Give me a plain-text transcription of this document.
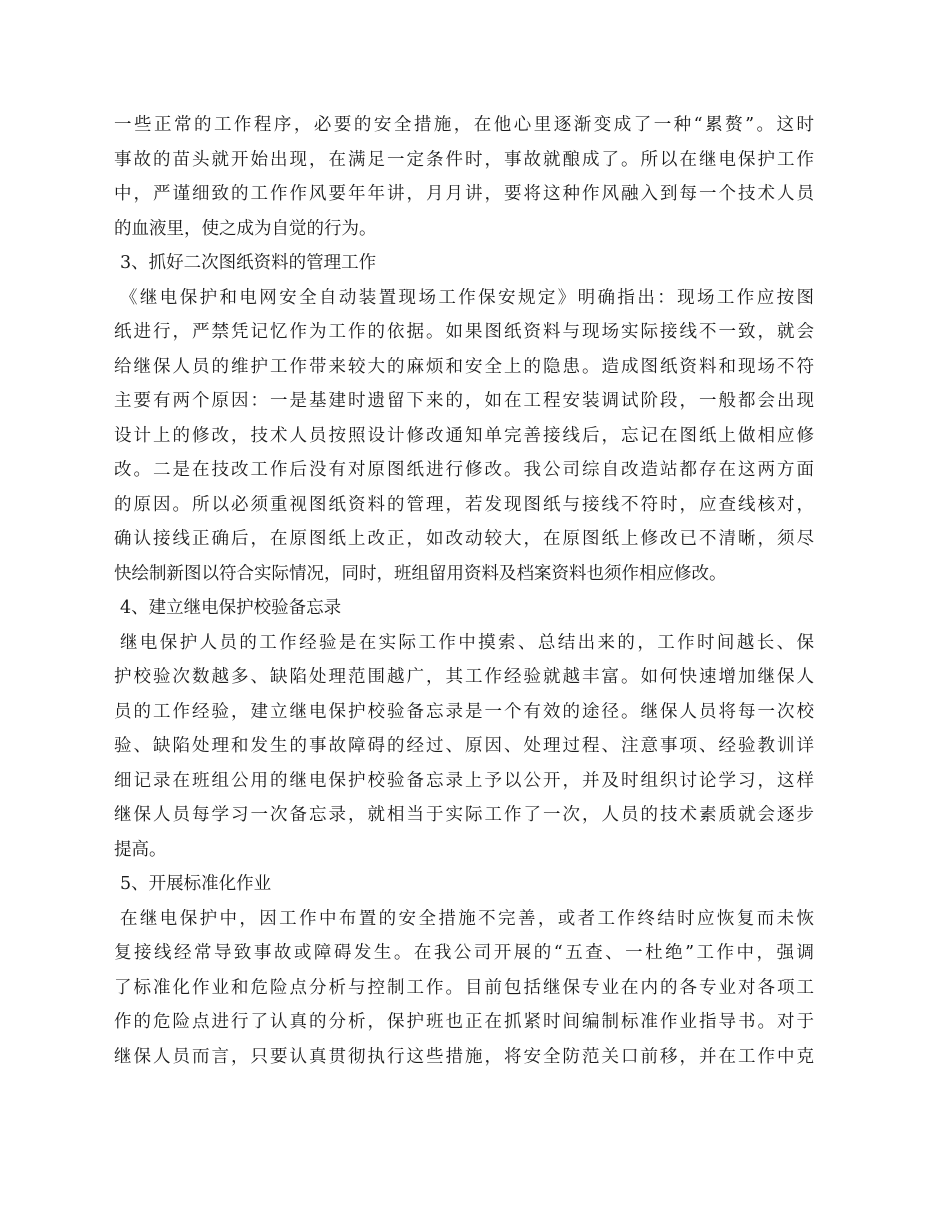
一些正常的工作程序，必要的安全措施，在他心里逐渐变成了一种“累赘”。这时
事故的苗头就开始出现，在满足一定条件时，事故就酿成了。所以在继电保护工作
中，严谨细致的工作作风要年年讲，月月讲，要将这种作风融入到每一个技术人员
的血液里，使之成为自觉的行为。
3、抓好二次图纸资料的管理工作
《继电保护和电网安全自动装置现场工作保安规定》明确指出：现场工作应按图
纸进行，严禁凭记忆作为工作的依据。如果图纸资料与现场实际接线不一致，就会
给继保人员的维护工作带来较大的麻烦和安全上的隐患。造成图纸资料和现场不符
主要有两个原因：一是基建时遗留下来的，如在工程安装调试阶段，一般都会出现
设计上的修改，技术人员按照设计修改通知单完善接线后，忘记在图纸上做相应修
改。二是在技改工作后没有对原图纸进行修改。我公司综自改造站都存在这两方面
的原因。所以必须重视图纸资料的管理，若发现图纸与接线不符时，应查线核对，
确认接线正确后，在原图纸上改正，如改动较大，在原图纸上修改已不清晰，须尽
快绘制新图以符合实际情况，同时，班组留用资料及档案资料也须作相应修改。
4、建立继电保护校验备忘录
继电保护人员的工作经验是在实际工作中摸索、总结出来的，工作时间越长、保
护校验次数越多、缺陷处理范围越广，其工作经验就越丰富。如何快速增加继保人
员的工作经验，建立继电保护校验备忘录是一个有效的途径。继保人员将每一次校
验、缺陷处理和发生的事故障碍的经过、原因、处理过程、注意事项、经验教训详
细记录在班组公用的继电保护校验备忘录上予以公开，并及时组织讨论学习，这样
继保人员每学习一次备忘录，就相当于实际工作了一次，人员的技术素质就会逐步
提高。
5、开展标准化作业
在继电保护中，因工作中布置的安全措施不完善，或者工作终结时应恢复而未恢
复接线经常导致事故或障碍发生。在我公司开展的“五查、一杜绝”工作中，强调
了标准化作业和危险点分析与控制工作。目前包括继保专业在内的各专业对各项工
作的危险点进行了认真的分析，保护班也正在抓紧时间编制标准作业指导书。对于
继保人员而言，只要认真贯彻执行这些措施，将安全防范关口前移，并在工作中克
